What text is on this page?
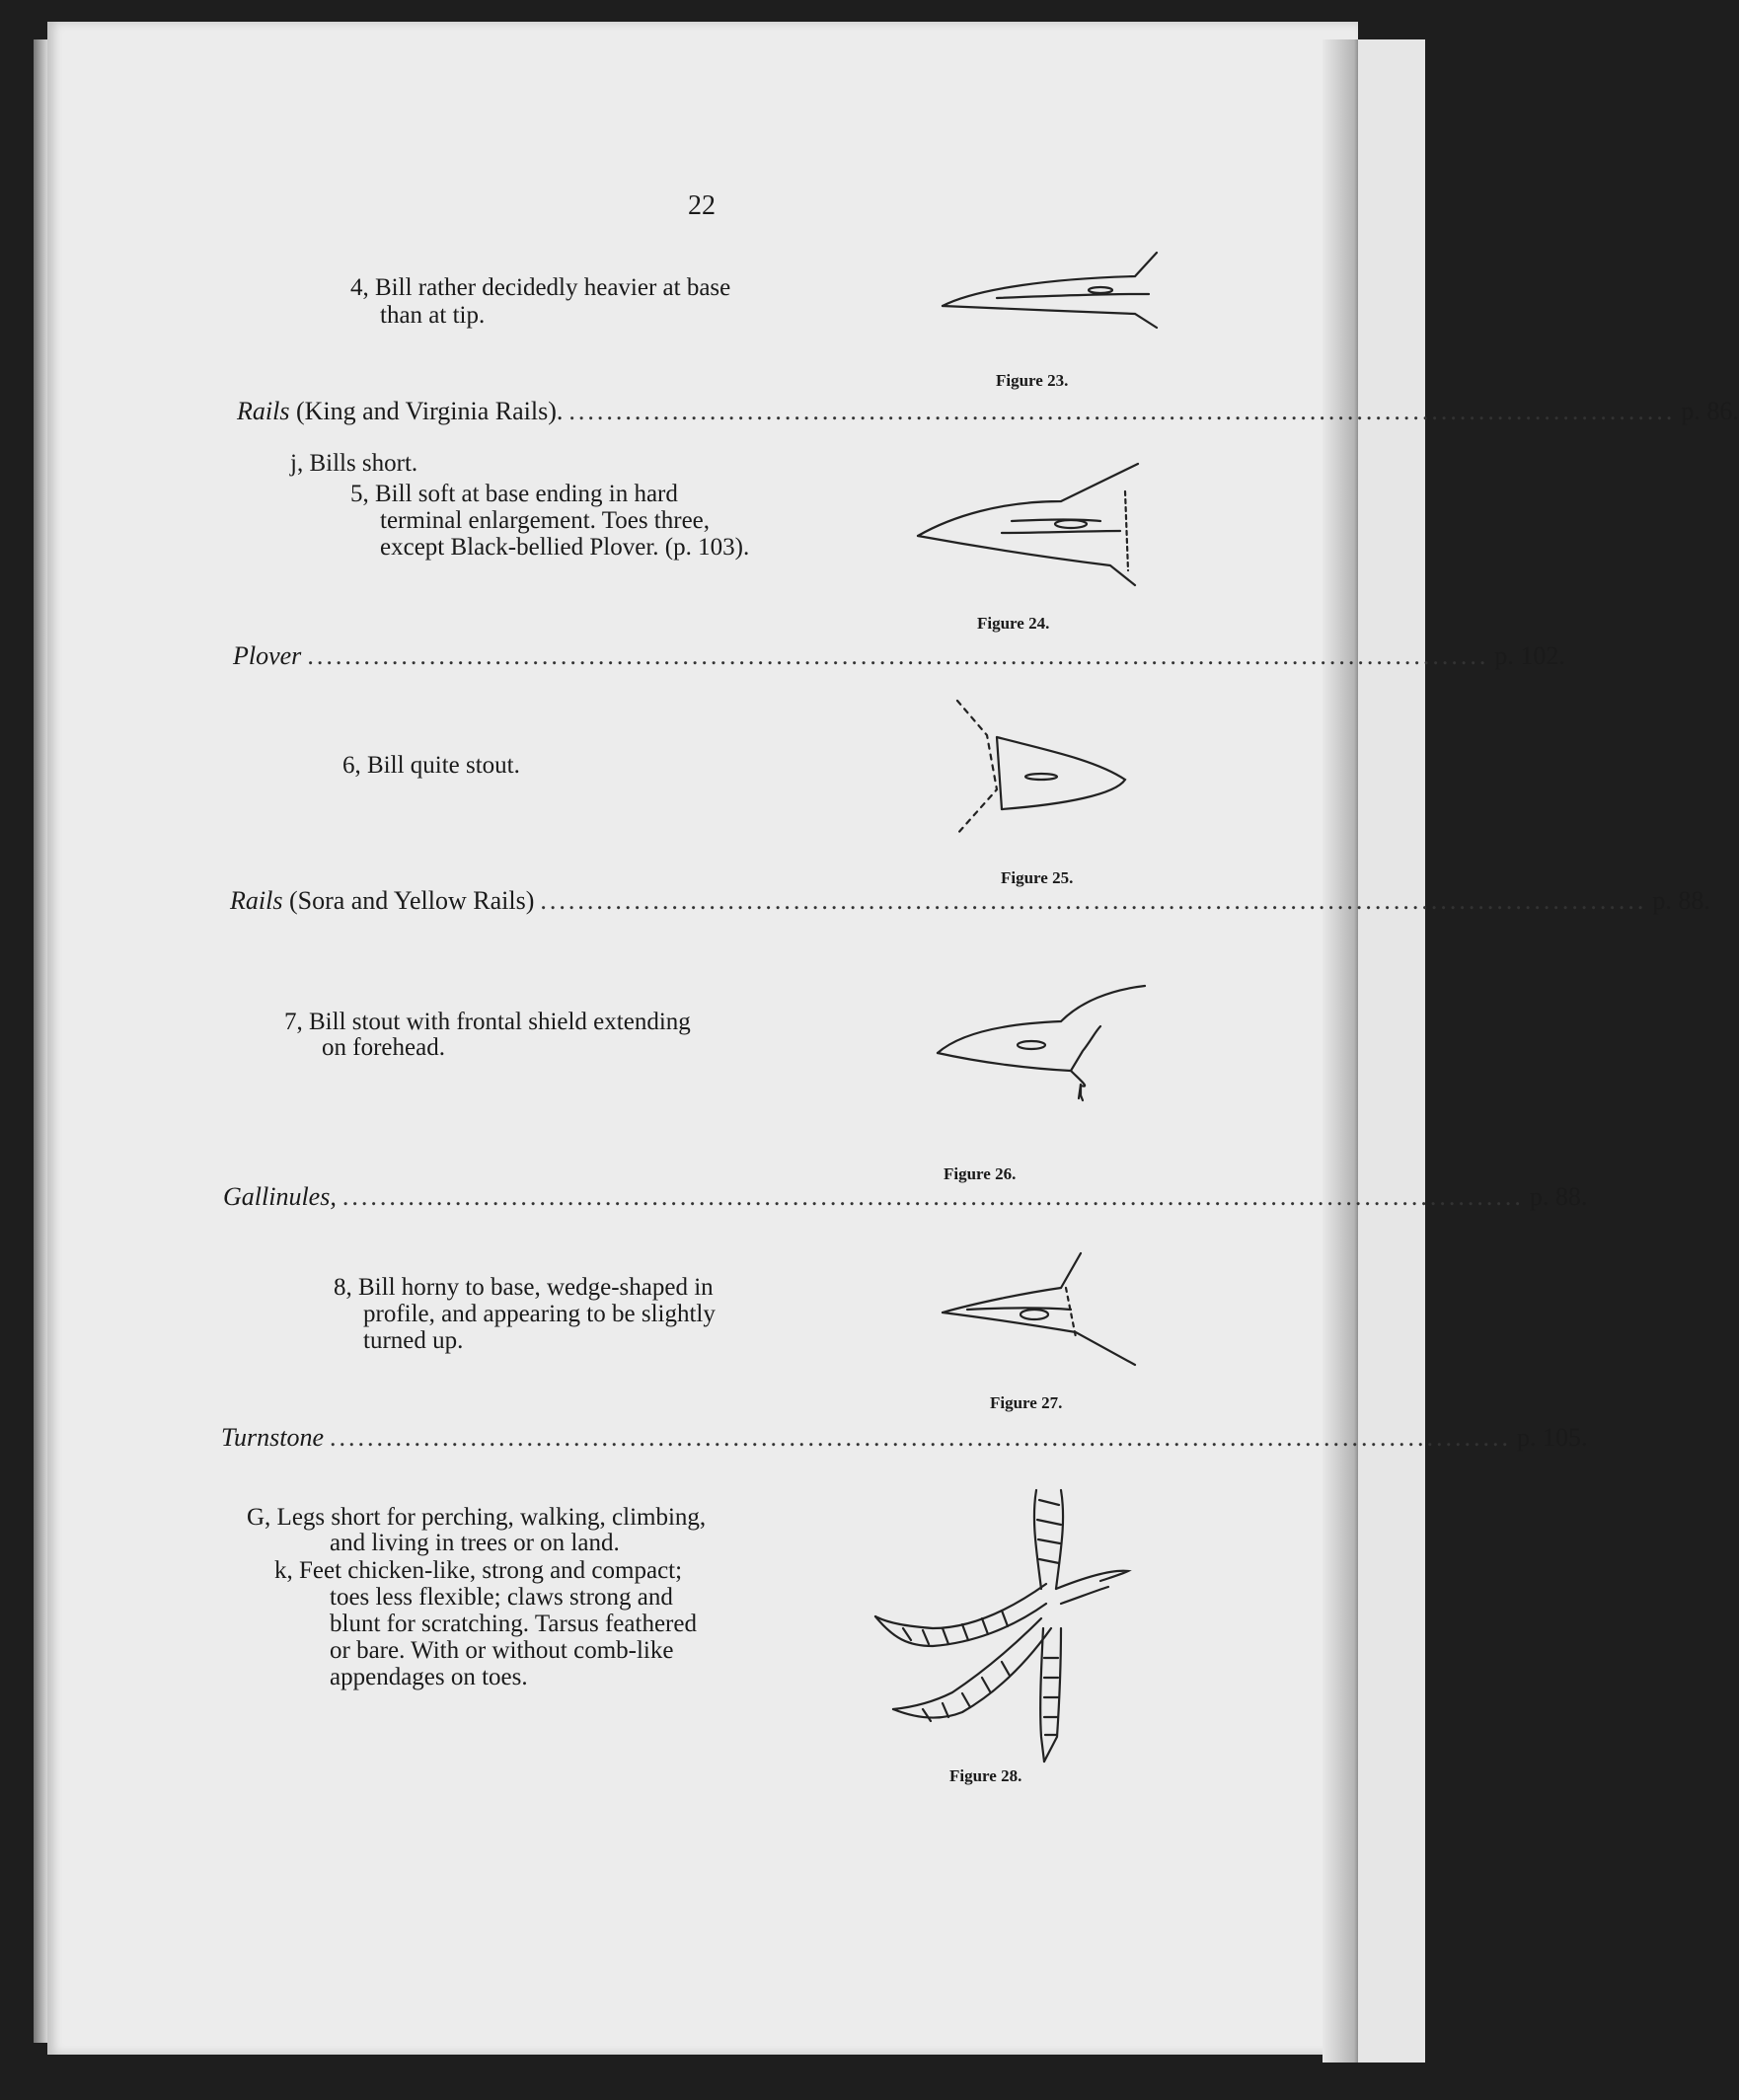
22
4, Bill rather decidedly heavier at base
than at tip.
Figure 23.
Rails (King and Virginia Rails). ...................................................................................................................... p. 86.
j, Bills short.
5, Bill soft at base ending in hard
terminal enlargement. Toes three,
except Black-bellied Plover. (p. 103).
Figure 24.
Plover .............................................................................................................................. p. 102.
6, Bill quite stout.
Figure 25.
Rails (Sora and Yellow Rails) ...................................................................................................................... p. 88.
7, Bill stout with frontal shield extending
on forehead.
Figure 26.
Gallinules, .............................................................................................................................. p. 88.
8, Bill horny to base, wedge-shaped in
profile, and appearing to be slightly
turned up.
Figure 27.
Turnstone .............................................................................................................................. p. 105.
G, Legs short for perching, walking, climbing,
and living in trees or on land.
k, Feet chicken-like, strong and compact;
toes less flexible; claws strong and
blunt for scratching. Tarsus feathered
or bare. With or without comb-like
appendages on toes.
Figure 28.
